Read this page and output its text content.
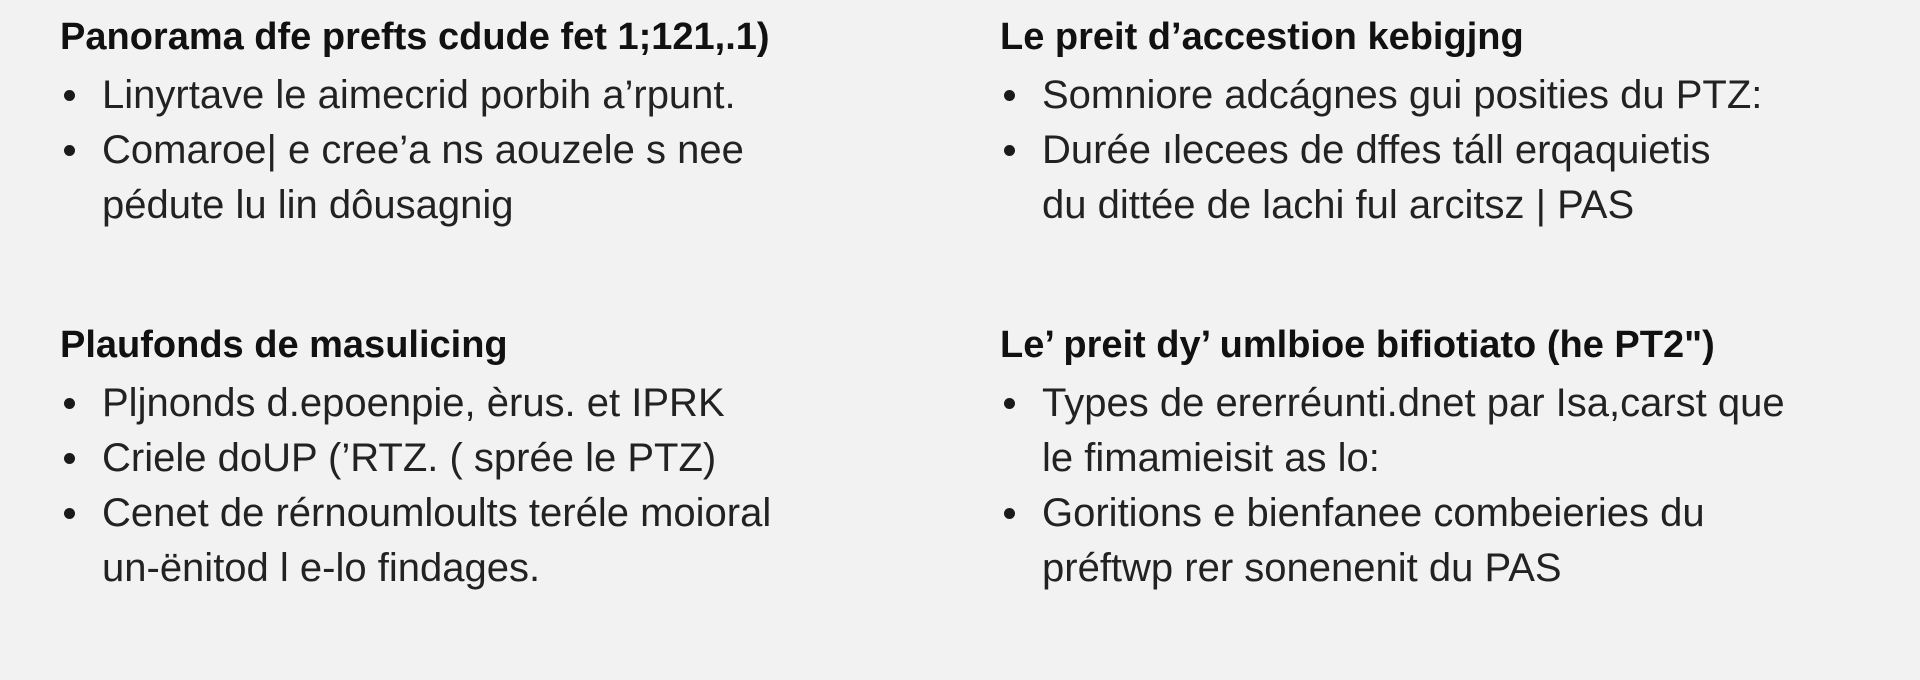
Panorama dfe prefts cdude fet 1;121,.1)
Linyrtave le aimecrid porbih a’rpunt.
Comaroe| e cree’a ns aouzele s nee
pédute lu lin dôusagnig
Le preit d’accestion kebigjng
Somniore adcágnes gui posities du PTZ:
Durée ılecees de dffes táll erqaquietis
du dittée de lachi ful arcitsz | PAS
Plaufonds de masulicing
Pljnonds d.epoenpie, èrus. et IPRK
Criele doUP (’RTZ. ( sprée le PTZ)
Cenet de rérnoumloults teréle moioral
un-ënitod l e-lo findages.
Le’ preit dy’ umlbioe bifiotiato (he PT2")
Types de ererréunti.dnet par Isa,carst que
le fimamieisit as lo:
Goritions e bienfanee combeieries du
préftwp rer sonenenit du PAS
